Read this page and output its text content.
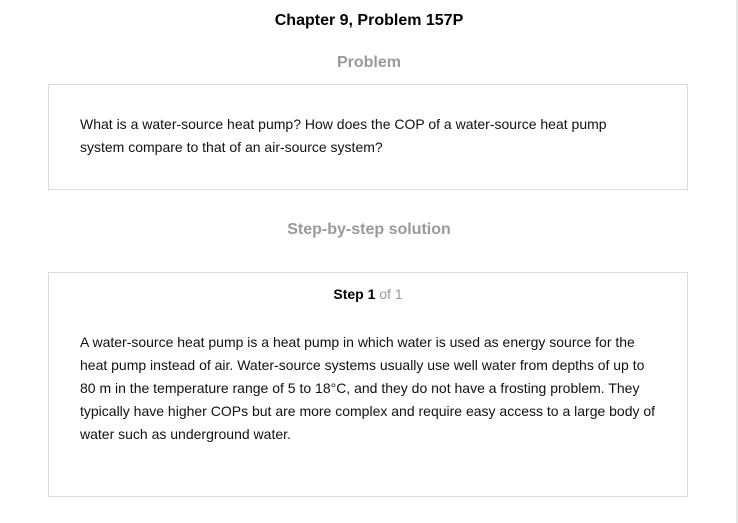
Chapter 9, Problem 157P
Problem
What is a water-source heat pump? How does the COP of a water-source heat pump system compare to that of an air-source system?
Step-by-step solution
Step 1 of 1
A water-source heat pump is a heat pump in which water is used as energy source for the heat pump instead of air. Water-source systems usually use well water from depths of up to 80 m in the temperature range of 5 to 18°C, and they do not have a frosting problem. They typically have higher COPs but are more complex and require easy access to a large body of water such as underground water.
